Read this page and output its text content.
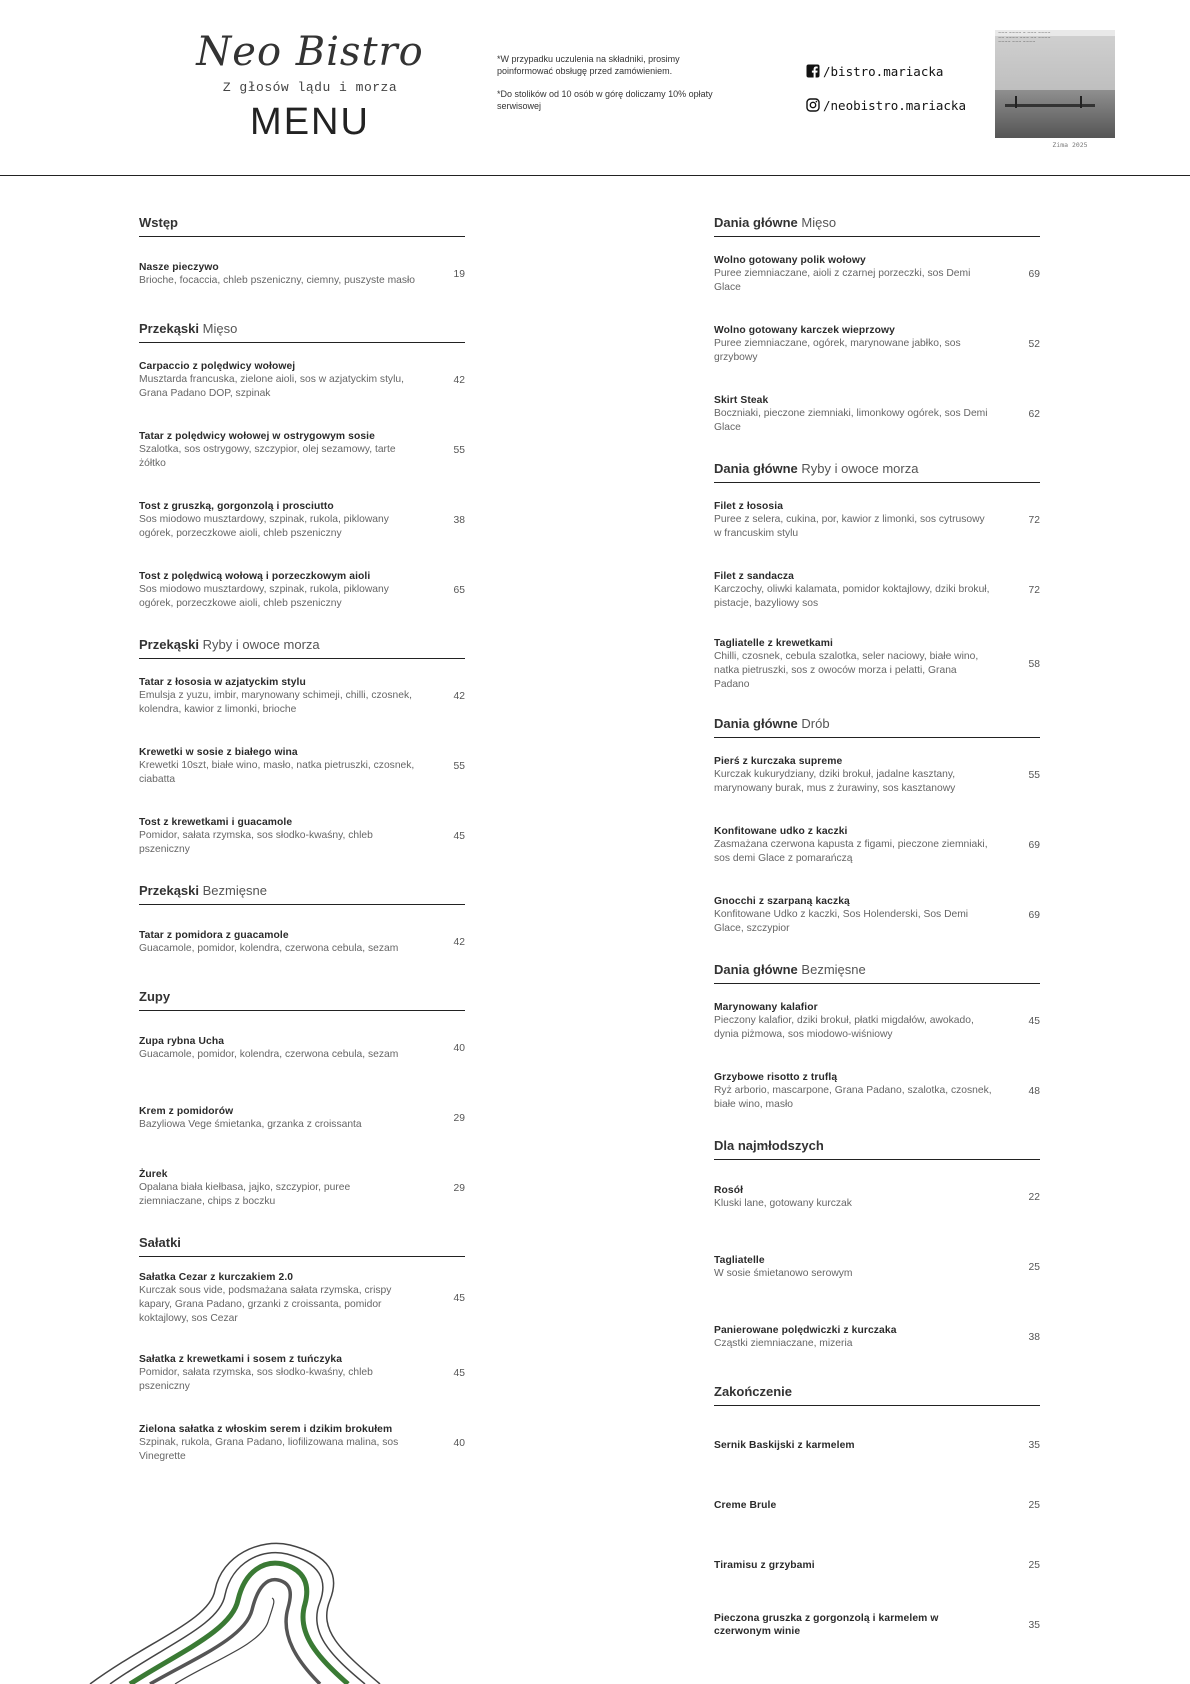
Neo Bistro
Z głosów lądu i morza
MENU

*W przypadku uczulenia na składniki, prosimy poinformować obsługę przed zamówieniem.

*Do stolików od 10 osób w górę doliczamy 10% opłaty serwisowej

/bistro.mariacka
/neobistro.mariacka
~~~ ~~~~ ~ ~~~ ~~~~
~~ ~~~~ ~~~ ~~ ~~~~
~~~~ ~~~ ~~~~
Zima 2025
Wstęp
Nasze pieczywo
Brioche, focaccia, chleb pszeniczny, ciemny, puszyste masło
19
Przekąski Mięso
Carpaccio z polędwicy wołowej
Musztarda francuska, zielone aioli, sos w azjatyckim stylu, Grana Padano DOP, szpinak
42
Tatar z polędwicy wołowej w ostrygowym sosie
Szalotka, sos ostrygowy, szczypior, olej sezamowy, tarte żółtko
55
Tost z gruszką, gorgonzolą i prosciutto
Sos miodowo musztardowy, szpinak, rukola, piklowany ogórek, porzeczkowe aioli, chleb pszeniczny
38
Tost z polędwicą wołową i porzeczkowym aioli
Sos miodowo musztardowy, szpinak, rukola, piklowany ogórek, porzeczkowe aioli, chleb pszeniczny
65
Przekąski Ryby i owoce morza
Tatar z łososia w azjatyckim stylu
Emulsja z yuzu, imbir, marynowany schimeji, chilli, czosnek, kolendra, kawior z limonki, brioche
42
Krewetki w sosie z białego wina
Krewetki 10szt, białe wino, masło, natka pietruszki, czosnek, ciabatta
55
Tost z krewetkami i guacamole
Pomidor, sałata rzymska, sos słodko-kwaśny, chleb pszeniczny
45
Przekąski Bezmięsne
Tatar z pomidora z guacamole
Guacamole, pomidor, kolendra, czerwona cebula, sezam
42
Zupy
Zupa rybna Ucha
Guacamole, pomidor, kolendra, czerwona cebula, sezam
40
Krem z pomidorów
Bazyliowa Vege śmietanka, grzanka z croissanta
29
Żurek
Opalana biała kiełbasa, jajko, szczypior, puree ziemniaczane, chips z boczku
29
Sałatki
Sałatka Cezar z kurczakiem 2.0
Kurczak sous vide, podsmażana sałata rzymska, crispy kapary, Grana Padano, grzanki z croissanta, pomidor koktajlowy, sos Cezar
45
Sałatka z krewetkami i sosem z tuńczyka
Pomidor, sałata rzymska, sos słodko-kwaśny, chleb pszeniczny
45
Zielona sałatka z włoskim serem i dzikim brokułem
Szpinak, rukola, Grana Padano, liofilizowana malina, sos Vinegrette
40
Dania główne Mięso
Wolno gotowany polik wołowy
Puree ziemniaczane, aioli z czarnej porzeczki, sos Demi Glace
69
Wolno gotowany karczek wieprzowy
Puree ziemniaczane, ogórek, marynowane jabłko, sos grzybowy
52
Skirt Steak
Boczniaki, pieczone ziemniaki, limonkowy ogórek, sos Demi Glace
62
Dania główne Ryby i owoce morza
Filet z łososia
Puree z selera, cukina, por, kawior z limonki, sos cytrusowy w francuskim stylu
72
Filet z sandacza
Karczochy, oliwki kalamata, pomidor koktajlowy, dziki brokuł, pistacje, bazyliowy sos
72
Tagliatelle z krewetkami
Chilli, czosnek, cebula szalotka, seler naciowy, białe wino, natka pietruszki, sos z owoców morza i pelatti, Grana Padano
58
Dania główne Drób
Pierś z kurczaka supreme
Kurczak kukurydziany, dziki brokuł, jadalne kasztany, marynowany burak, mus z żurawiny, sos kasztanowy
55
Konfitowane udko z kaczki
Zasmażana czerwona kapusta z figami, pieczone ziemniaki, sos demi Glace z pomarańczą
69
Gnocchi z szarpaną kaczką
Konfitowane Udko z kaczki, Sos Holenderski, Sos Demi Glace, szczypior
69
Dania główne Bezmięsne
Marynowany kalafior
Pieczony kalafior, dziki brokuł, płatki migdałów, awokado, dynia piżmowa, sos miodowo-wiśniowy
45
Grzybowe risotto z truflą
Ryż arborio, mascarpone, Grana Padano, szalotka, czosnek, białe wino, masło
48
Dla najmłodszych
Rosół
Kluski lane, gotowany kurczak
22
Tagliatelle
W sosie śmietanowo serowym
25
Panierowane polędwiczki z kurczaka
Cząstki ziemniaczane, mizeria
38
Zakończenie
Sernik Baskijski z karmelem	35
Creme Brule	25
Tiramisu z grzybami	25
Pieczona gruszka z gorgonzolą i karmelem w czerwonym winie
35
